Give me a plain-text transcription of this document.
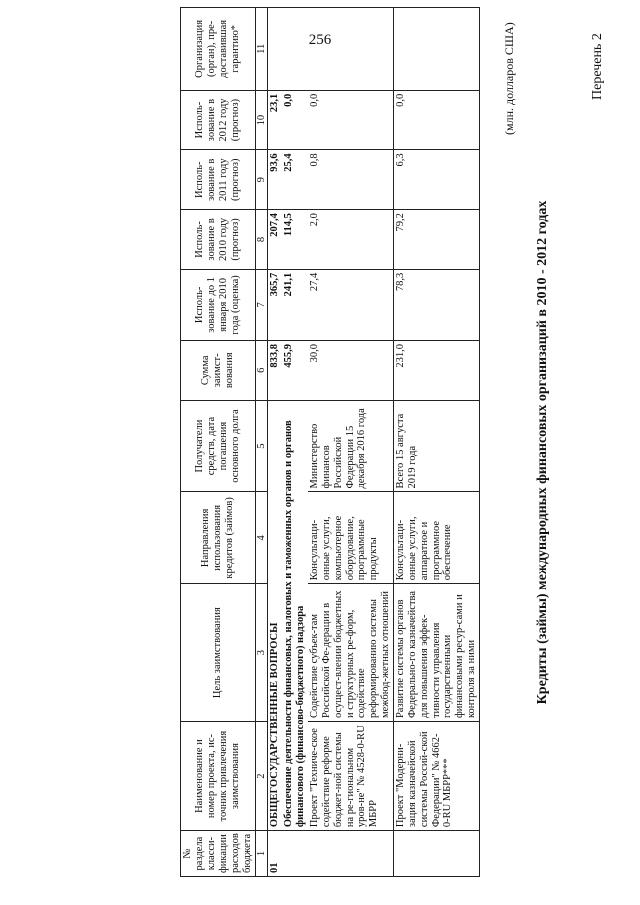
256	Перечень 2
Кредиты (займы) международных финансовых организаций в 2010 - 2012 годах
(млн. долларов США)
№ раздела класси-фикации расходов бюджета	Наименование и номер проекта, ис-точник привлечения заимствования	Цель заимствования	Направления использования кредитов (займов)	Получатели средств, дата погашения основного долга	Сумма заимст-вования	Исполь-зование до 1 января 2010 года (оценка)	Исполь-зование в 2010 году (прогноз)	Исполь-зование в 2011 году (прогноз)	Исполь-зование в 2012 году (прогноз)	Организация (орган), пре-доставившая гарантию*
1	2	3	4	5	6	7	8	9	10	11
01	ОБЩЕГОСУДАРСТВЕННЫЕ ВОПРОСЫ				833,8	365,7	207,4	93,6	23,1	
	Обеспечение деятельности финансовых, налоговых и таможенных органов и органов финансового (финансово-бюджетного) надзора				455,9	241,1	114,5	25,4	0,0	
	Проект "Техниче-ское содействие реформе бюджет-ной системы на ре-гиональном уров-не" № 4528-0-RU МБРР	Содействие субъек-там Российской Фе-дерации в осущест-влении бюджетных и структурных ре-форм, содействие реформированию системы межбюд-жетных отношений	Консультаци-онные услуги, компьютерное оборудование, программные продукты	Министерство финансов Российской Федерации 15 декабря 2016 года	30,0	27,4	2,0	0,8	0,0	
	Проект "Модерни-зация казначейской системы Россий-ской Федерации" № 4662-0-RU МБРР***	Развитие системы органов Федерально-го казначейства для повышения эффек-тивности управления государственными финансовыми ресур-сами и контроля за ними	Консультаци-онные услуги, аппаратное и программное обеспечение	Всего 15 августа 2019 года	231,0	78,3	79,2	6,3	0,0	
